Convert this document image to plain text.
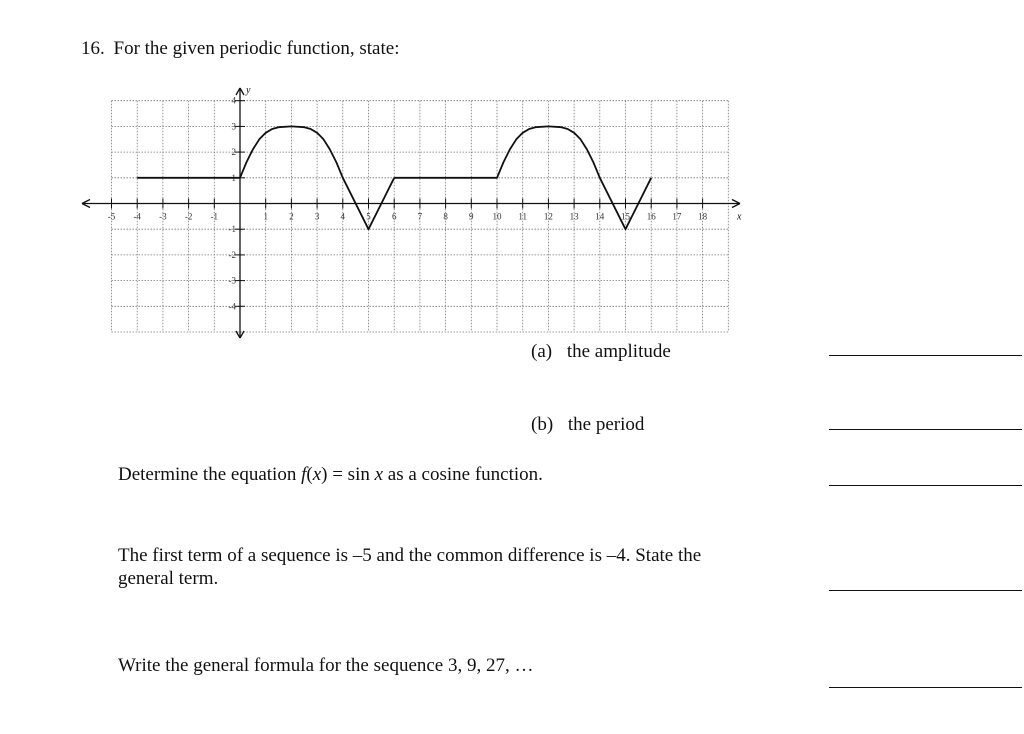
16. For the given periodic function, state:
-5 -4 -3 -2 -1	1 2 3 4 5 6 7 8 9 10 11 12 13 14 15 16 17 18
-4
-3
-2
-1
1
2
3
4
x
y
(a) the amplitude
(b) the period
Determine the equation f(x) = sin x as a cosine function.
The first term of a sequence is –5 and the common difference is –4. State the
general term.
Write the general formula for the sequence 3, 9, 27, …
